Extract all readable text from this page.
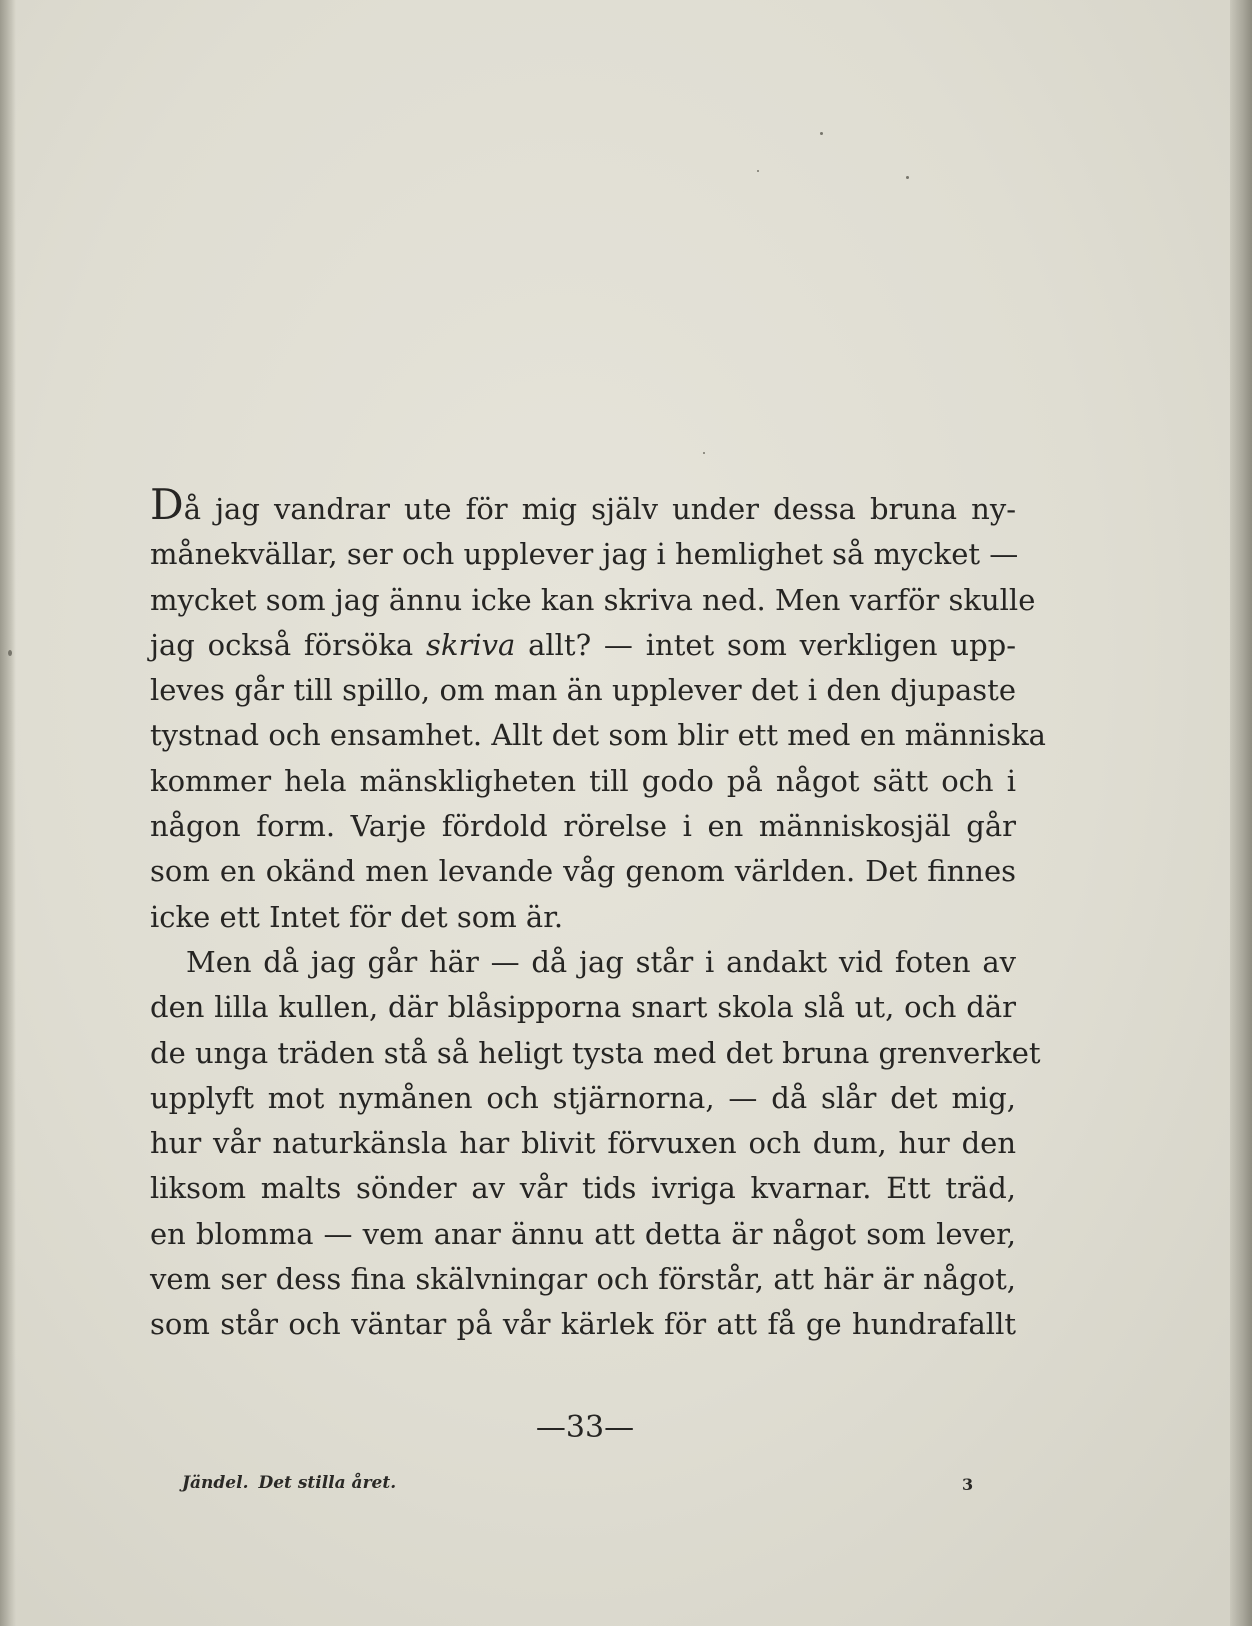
Då jag vandrar ute för mig själv under dessa bruna ny-
månekvällar, ser och upplever jag i hemlighet så mycket —
mycket som jag ännu icke kan skriva ned. Men varför skulle
jag också försöka skriva allt? — intet som verkligen upp-
leves går till spillo, om man än upplever det i den djupaste
tystnad och ensamhet. Allt det som blir ett med en människa
kommer hela mänskligheten till godo på något sätt och i
någon form. Varje fördold rörelse i en människosjäl går
som en okänd men levande våg genom världen. Det finnes
icke ett Intet för det som är.
Men då jag går här — då jag står i andakt vid foten av
den lilla kullen, där blåsipporna snart skola slå ut, och där
de unga träden stå så heligt tysta med det bruna grenverket
upplyft mot nymånen och stjärnorna, — då slår det mig,
hur vår naturkänsla har blivit förvuxen och dum, hur den
liksom malts sönder av vår tids ivriga kvarnar. Ett träd,
en blomma — vem anar ännu att detta är något som lever,
vem ser dess fina skälvningar och förstår, att här är något,
som står och väntar på vår kärlek för att få ge hundrafallt
—33—
Jändel. Det stilla året.	3
